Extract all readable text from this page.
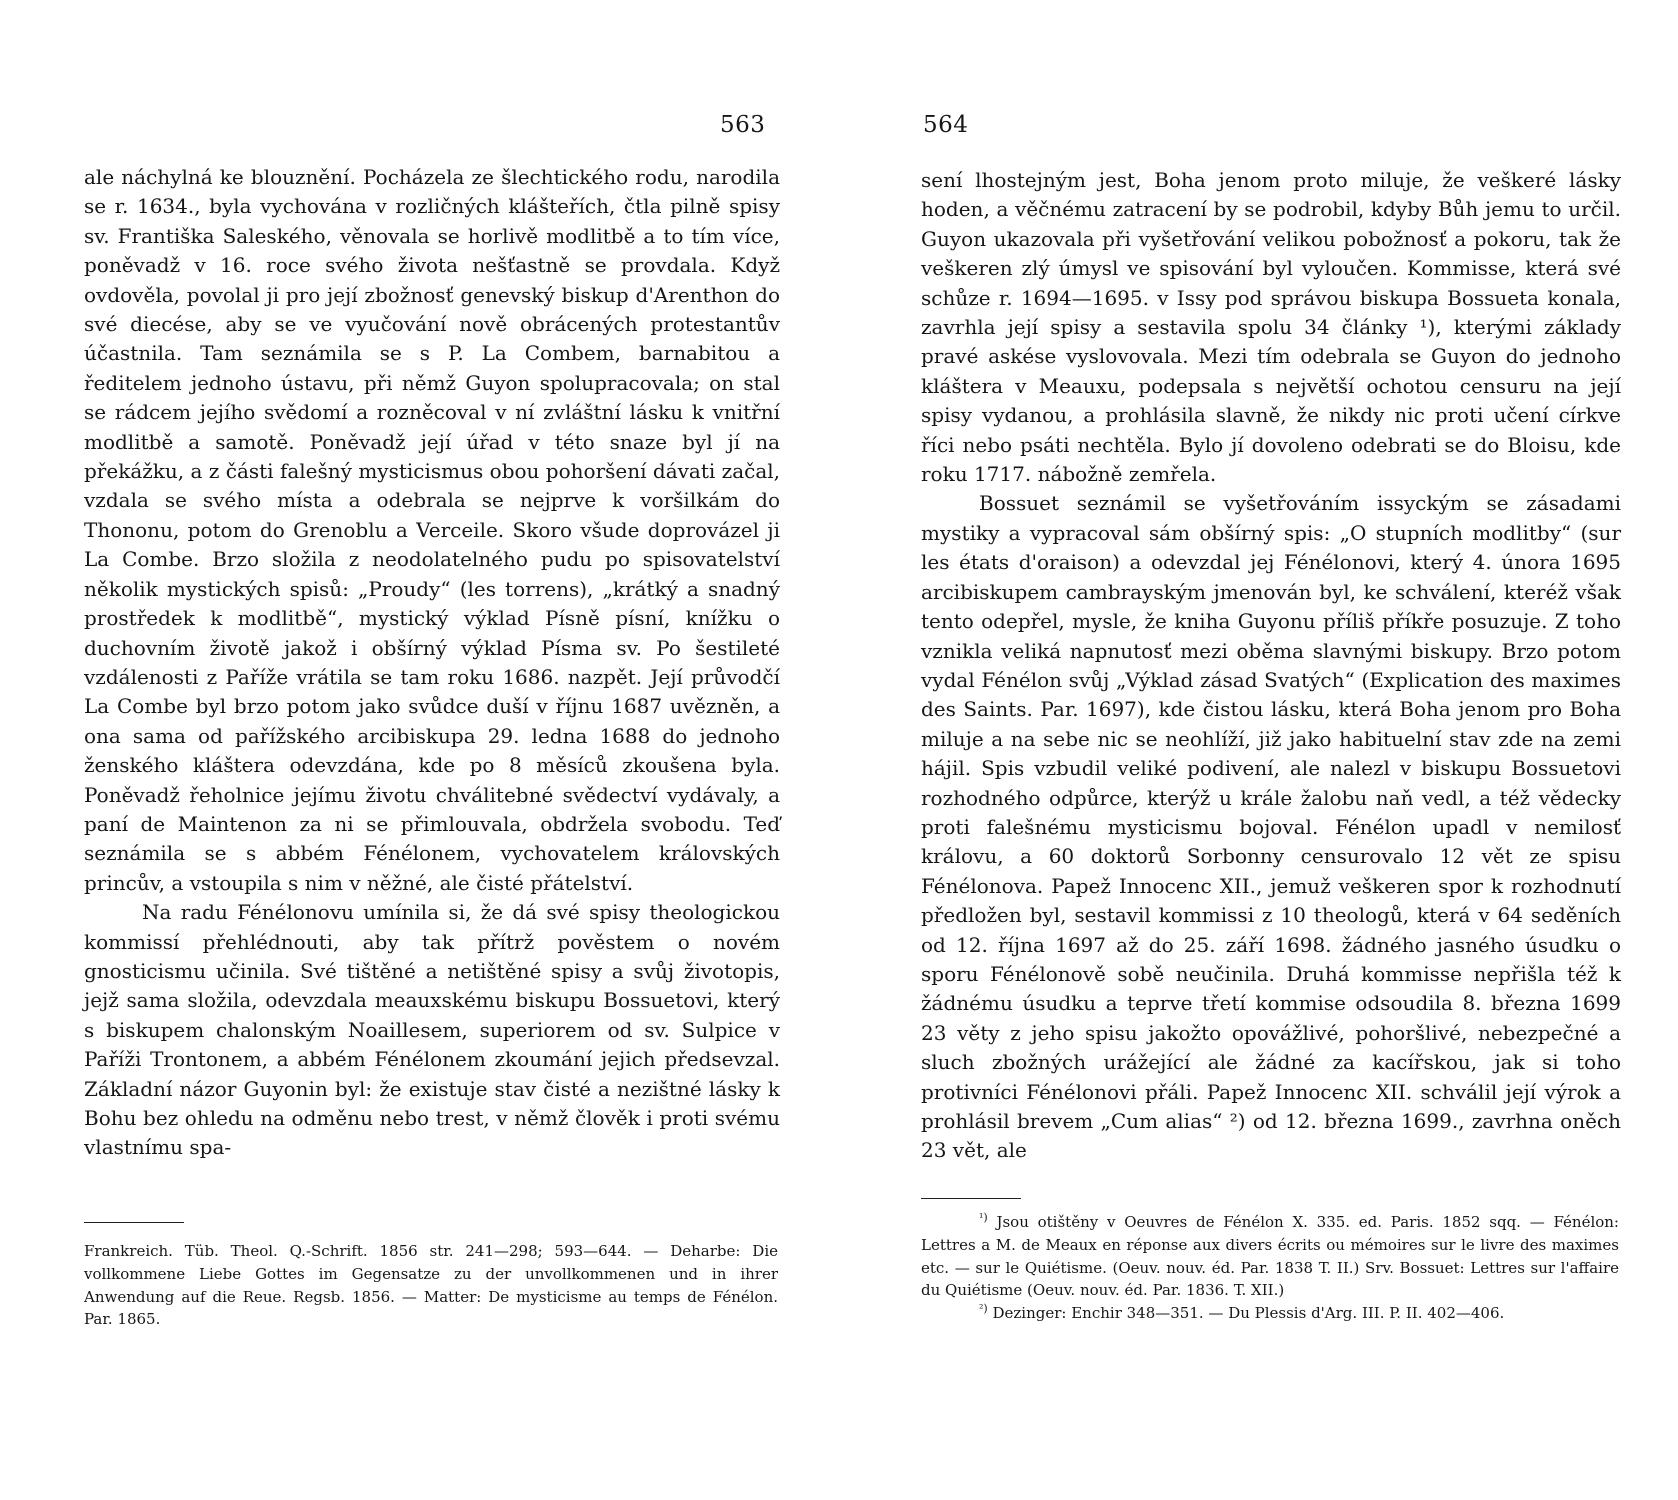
563

ale náchylná ke blouznění. Pocházela ze šlechtického rodu, narodila se r. 1634., byla vychována v rozličných klášteřích, čtla pilně spisy sv. Františka Saleského, věnovala se horlivě modlitbě a to tím více, poněvadž v 16. roce svého života nešťastně se provdala. Když ovdověla, povolal ji pro její zbožnosť genevský biskup d'Arenthon do své diecése, aby se ve vyučování nově obrácených protestantův účastnila. Tam seznámila se s P. La Combem, barnabitou a ředitelem jednoho ústavu, při němž Guyon spolupracovala; on stal se rádcem jejího svědomí a rozněcoval v ní zvláštní lásku k vnitřní modlitbě a samotě. Poněvadž její úřad v této snaze byl jí na překážku, a z části falešný mysticismus obou pohoršení dávati začal, vzdala se svého místa a odebrala se nejprve k voršilkám do Thononu, potom do Grenoblu a Verceile. Skoro všude doprovázel ji La Combe. Brzo složila z neodolatelného pudu po spisovatelství několik mystických spisů: „Proudy“ (les torrens), „krátký a snadný prostředek k modlitbě“, mystický výklad Písně písní, knížku o duchovním životě jakož i obšírný výklad Písma sv. Po šestileté vzdálenosti z Paříže vrátila se tam roku 1686. nazpět. Její průvodčí La Combe byl brzo potom jako svůdce duší v říjnu 1687 uvězněn, a ona sama od pařížského arcibiskupa 29. ledna 1688 do jednoho ženského kláštera odevzdána, kde po 8 měsíců zkoušena byla. Poněvadž řeholnice jejímu životu chválitebné svědectví vydávaly, a paní de Maintenon za ni se přimlouvala, obdržela svobodu. Teď seznámila se s abbém Fénélonem, vychovatelem královských princův, a vstoupila s nim v něžné, ale čisté přátelství.

Na radu Fénélonovu umínila si, že dá své spisy theologickou kommissí přehlédnouti, aby tak přítrž pověstem o novém gnosticismu učinila. Své tištěné a netištěné spisy a svůj životopis, jejž sama složila, odevzdala meauxskému biskupu Bossuetovi, který s biskupem chalonským Noaillesem, superiorem od sv. Sulpice v Paříži Trontonem, a abbém Fénélonem zkoumání jejich předsevzal. Základní názor Guyonin byl: že existuje stav čisté a nezištné lásky k Bohu bez ohledu na odměnu nebo trest, v němž člověk i proti svému vlastnímu spa-

Frankreich. Tüb. Theol. Q.-Schrift. 1856 str. 241—298; 593—644. — Deharbe: Die vollkommene Liebe Gottes im Gegensatze zu der unvollkommenen und in ihrer Anwendung auf die Reue. Regsb. 1856. — Matter: De mysticisme au temps de Fénélon. Par. 1865.

564

sení lhostejným jest, Boha jenom proto miluje, že veškeré lásky hoden, a věčnému zatracení by se podrobil, kdyby Bůh jemu to určil. Guyon ukazovala při vyšetřování velikou pobožnosť a pokoru, tak že veškeren zlý úmysl ve spisování byl vyloučen. Kommisse, která své schůze r. 1694—1695. v Issy pod správou biskupa Bossueta konala, zavrhla její spisy a sestavila spolu 34 články ¹), kterými základy pravé askése vyslovovala. Mezi tím odebrala se Guyon do jednoho kláštera v Meauxu, podepsala s největší ochotou censuru na její spisy vydanou, a prohlásila slavně, že nikdy nic proti učení církve říci nebo psáti nechtěla. Bylo jí dovoleno odebrati se do Bloisu, kde roku 1717. nábožně zemřela.

Bossuet seznámil se vyšetřováním issyckým se zásadami mystiky a vypracoval sám obšírný spis: „O stupních modlitby“ (sur les états d'oraison) a odevzdal jej Fénélonovi, který 4. února 1695 arcibiskupem cambrayským jmenován byl, ke schválení, kteréž však tento odepřel, mysle, že kniha Guyonu příliš příkře posuzuje. Z toho vznikla veliká napnutosť mezi oběma slavnými biskupy. Brzo potom vydal Fénélon svůj „Výklad zásad Svatých“ (Explication des maximes des Saints. Par. 1697), kde čistou lásku, která Boha jenom pro Boha miluje a na sebe nic se neohlíží, již jako habituelní stav zde na zemi hájil. Spis vzbudil veliké podivení, ale nalezl v biskupu Bossuetovi rozhodného odpůrce, kterýž u krále žalobu naň vedl, a též vědecky proti falešnému mysticismu bojoval. Fénélon upadl v nemilosť královu, a 60 doktorů Sorbonny censurovalo 12 vět ze spisu Fénélonova. Papež Innocenc XII., jemuž veškeren spor k rozhodnutí předložen byl, sestavil kommissi z 10 theologů, která v 64 seděních od 12. října 1697 až do 25. září 1698. žádného jasného úsudku o sporu Fénélonově sobě neučinila. Druhá kommisse nepřišla též k žádnému úsudku a teprve třetí kommise odsoudila 8. března 1699 23 věty z jeho spisu jakožto opovážlivé, pohoršlivé, nebezpečné a sluch zbožných urážející ale žádné za kacířskou, jak si toho protivníci Fénélonovi přáli. Papež Innocenc XII. schválil její výrok a prohlásil brevem „Cum alias“ ²) od 12. března 1699., zavrhna oněch 23 vět, ale

$^{^1)}$ Jsou otištěny v Oeuvres de Fénélon X. 335. ed. Paris. 1852 sqq. — Fénélon: Lettres a M. de Meaux en réponse aux divers écrits ou mémoires sur le livre des maximes etc. — sur le Quiétisme. (Oeuv. nouv. éd. Par. 1838 T. II.) Srv. Bossuet: Lettres sur l'affaire du Quiétisme (Oeuv. nouv. éd. Par. 1836. T. XII.)

$^{^2)}$ Dezinger: Enchir 348—351. — Du Plessis d'Arg. III. P. II. 402—406.
